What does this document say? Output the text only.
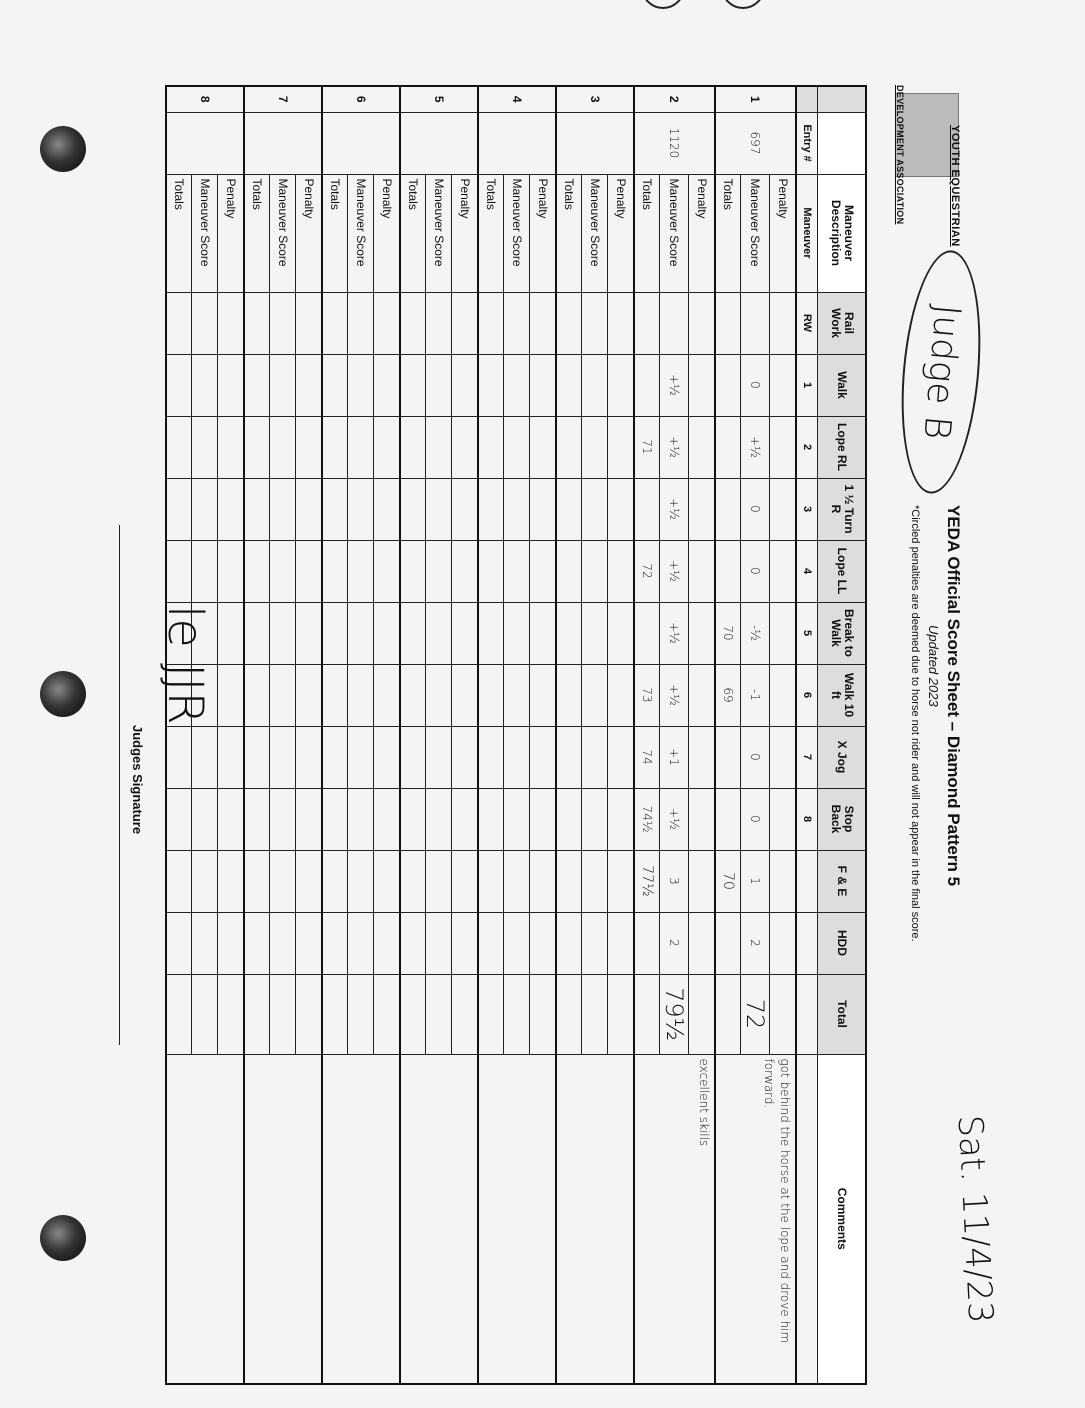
YOUTH EQUESTRIAN
DEVELOPMENT ASSOCIATION
Judge B
YEDA Official Score Sheet – Diamond Pattern 5
Updated 2023
*Circled penalties are deemed due to horse not rider and will not appear in the final score.
Sat. 11/4/23
		Maneuver Description	Rail Work	Walk	Lope RL	1 ½ Turn R	Lope LL	Break to Walk	Walk 10 ft	X Jog	Stop Back	F & E	HDD	Total	Comments
	Entry #	Maneuver	RW	1	2	3	4	5	6	7	8				
1	697	Penalty													got behind the horse at the lope and drove him forward.
		Maneuver Score		0	+½	0	0	-½	-1	0	0	1	2	72	
		Totals						70	69			70			
2	1120	Penalty													excellent skills
		Maneuver Score		+½	+½	+½	+½	+½	+½	+1	+½	3	2	79½	
		Totals			71		72		73	74	74½	77½			
3		Penalty													
		Maneuver Score													
		Totals													
4		Penalty													
		Maneuver Score													
		Totals													
5		Penalty													
		Maneuver Score													
		Totals													
6		Penalty													
		Maneuver Score													
		Totals													
7		Penalty													
		Maneuver Score													
		Totals													
8		Penalty													
		Maneuver Score													
		Totals													
le JJR
Judges Signature
